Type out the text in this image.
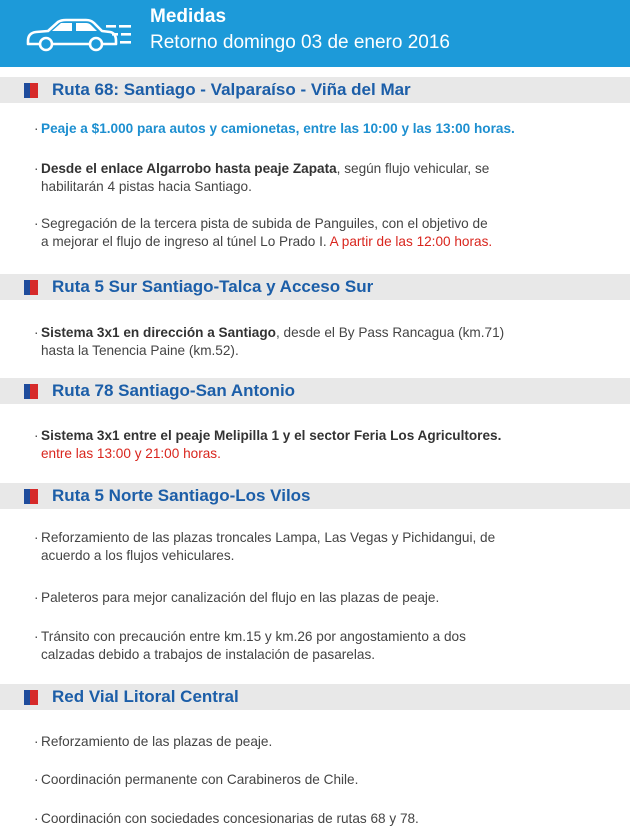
Medidas
Retorno domingo 03 de enero 2016
Ruta 68: Santiago - Valparaíso - Viña del Mar
· Peaje a $1.000 para autos y camionetas, entre las 10:00 y las 13:00 horas.
· Desde el enlace Algarrobo hasta peaje Zapata, según flujo vehicular, se
habilitarán 4 pistas hacia Santiago.
· Segregación de la tercera pista de subida de Panguiles, con el objetivo de
a mejorar el flujo de ingreso al túnel Lo Prado I. A partir de las 12:00 horas.
Ruta 5 Sur Santiago-Talca y Acceso Sur
· Sistema 3x1 en dirección a Santiago, desde el By Pass Rancagua (km.71)
hasta la Tenencia Paine (km.52).
Ruta 78 Santiago-San Antonio
· Sistema 3x1 entre el peaje Melipilla 1 y el sector Feria Los Agricultores.
entre las 13:00 y 21:00 horas.
Ruta 5 Norte Santiago-Los Vilos
· Reforzamiento de las plazas troncales Lampa, Las Vegas y Pichidangui, de
acuerdo a los flujos vehiculares.
· Paleteros para mejor canalización del flujo en las plazas de peaje.
· Tránsito con precaución entre km.15 y km.26 por angostamiento a dos
calzadas debido a trabajos de instalación de pasarelas.
Red Vial Litoral Central
· Reforzamiento de las plazas de peaje.
· Coordinación permanente con Carabineros de Chile.
· Coordinación con sociedades concesionarias de rutas 68 y 78.
